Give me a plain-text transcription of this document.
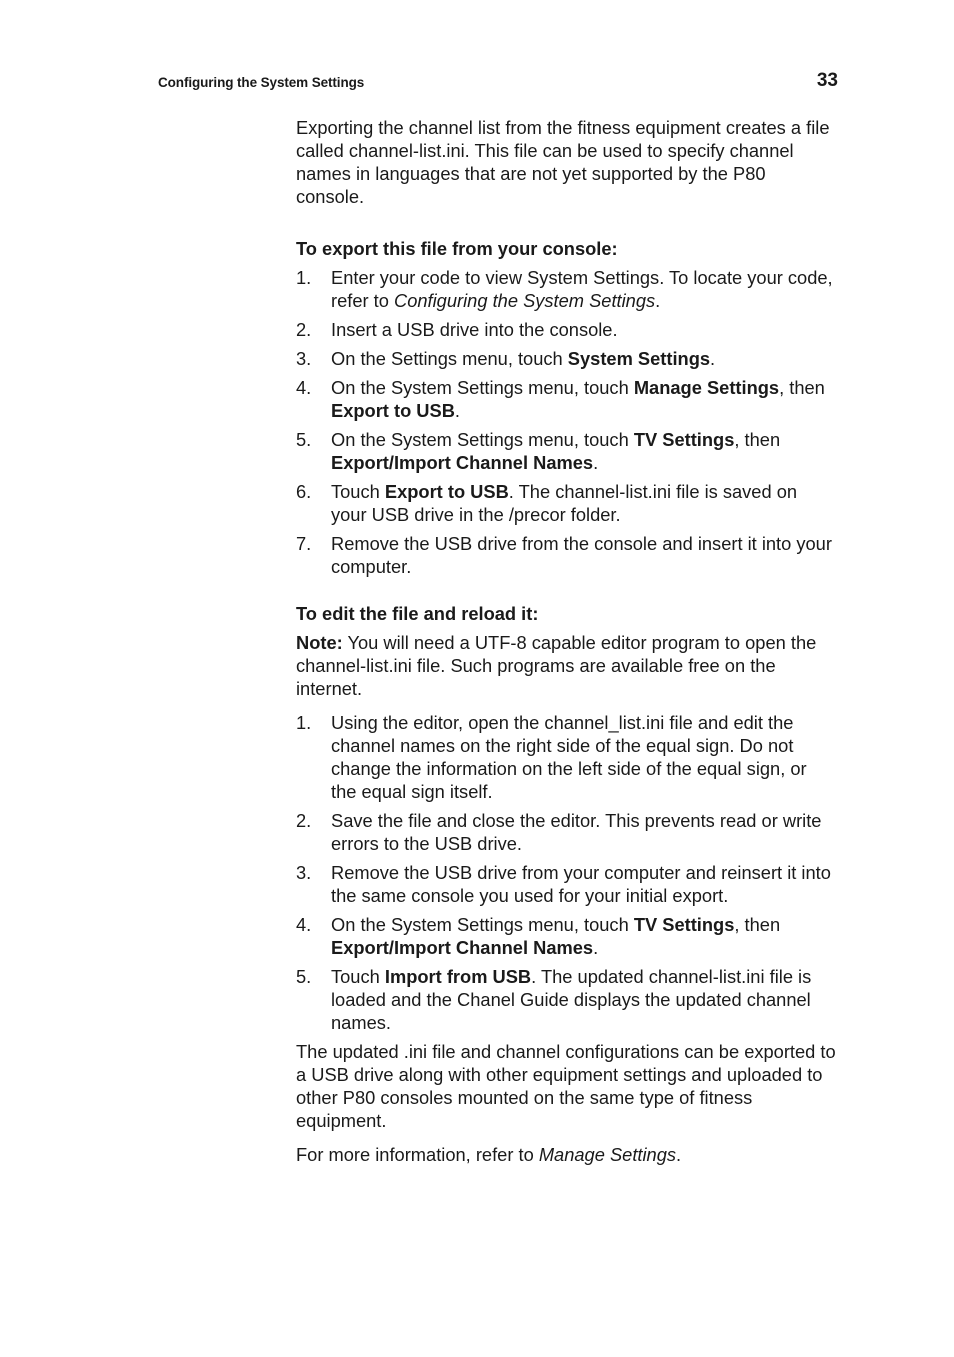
Configuring the System Settings	33

Exporting the channel list from the fitness equipment creates a file called channel-list.ini. This file can be used to specify channel names in languages that are not yet supported by the P80 console.

To export this file from your console:

1. Enter your code to view System Settings. To locate your code, refer to Configuring the System Settings.
2. Insert a USB drive into the console.
3. On the Settings menu, touch System Settings.
4. On the System Settings menu, touch Manage Settings, then Export to USB.
5. On the System Settings menu, touch TV Settings, then Export/Import Channel Names.
6. Touch Export to USB. The channel-list.ini file is saved on your USB drive in the /precor folder.
7. Remove the USB drive from the console and insert it into your computer.

To edit the file and reload it:

Note: You will need a UTF-8 capable editor program to open the channel-list.ini file. Such programs are available free on the internet.

1. Using the editor, open the channel_list.ini file and edit the channel names on the right side of the equal sign. Do not change the information on the left side of the equal sign, or the equal sign itself.
2. Save the file and close the editor. This prevents read or write errors to the USB drive.
3. Remove the USB drive from your computer and reinsert it into the same console you used for your initial export.
4. On the System Settings menu, touch TV Settings, then Export/Import Channel Names.
5. Touch Import from USB. The updated channel-list.ini file is loaded and the Chanel Guide displays the updated channel names.

The updated .ini file and channel configurations can be exported to a USB drive along with other equipment settings and uploaded to other P80 consoles mounted on the same type of fitness equipment.

For more information, refer to Manage Settings.
